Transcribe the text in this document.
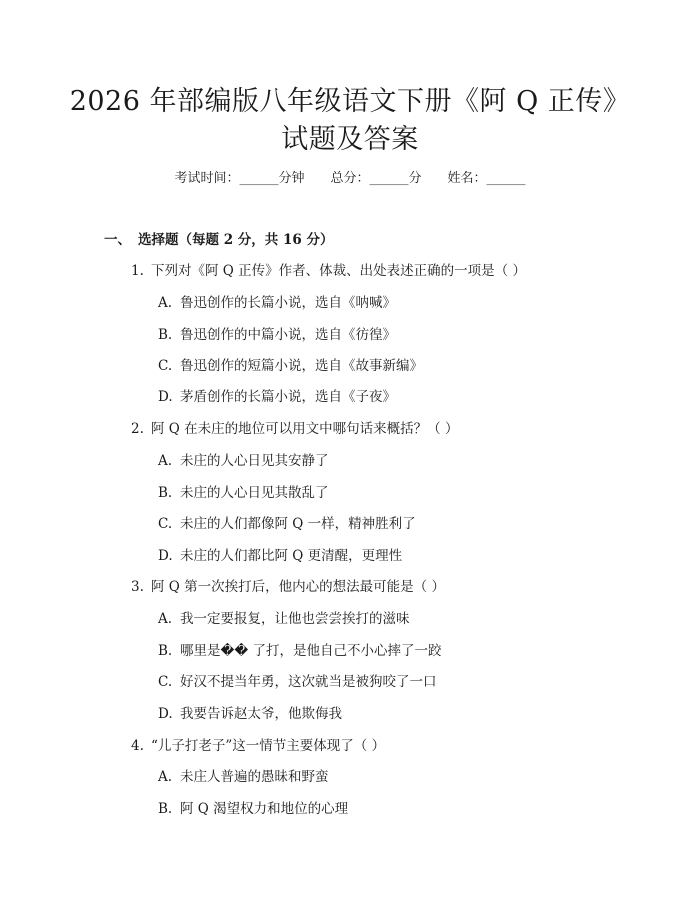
2026 年部编版八年级语文下册《阿 Q 正传》
试题及答案
考试时间：______分钟 总分：______分 姓名：______
一、 选择题（每题 2 分，共 16 分）
1. 下列对《阿 Q 正传》作者、体裁、出处表述正确的一项是（ ）
A. 鲁迅创作的长篇小说，选自《呐喊》
B. 鲁迅创作的中篇小说，选自《彷徨》
C. 鲁迅创作的短篇小说，选自《故事新编》
D. 茅盾创作的长篇小说，选自《子夜》
2. 阿 Q 在未庄的地位可以用文中哪句话来概括？（ ）
A. 未庄的人心日见其安静了
B. 未庄的人心日见其散乱了
C. 未庄的人们都像阿 Q 一样，精神胜利了
D. 未庄的人们都比阿 Q 更清醒，更理性
3. 阿 Q 第一次挨打后，他内心的想法最可能是（ ）
A. 我一定要报复，让他也尝尝挨打的滋味
B. 哪里是�� 了打，是他自己不小心摔了一跤
C. 好汉不提当年勇，这次就当是被狗咬了一口
D. 我要告诉赵太爷，他欺侮我
4. “儿子打老子”这一情节主要体现了（ ）
A. 未庄人普遍的愚昧和野蛮
B. 阿 Q 渴望权力和地位的心理
